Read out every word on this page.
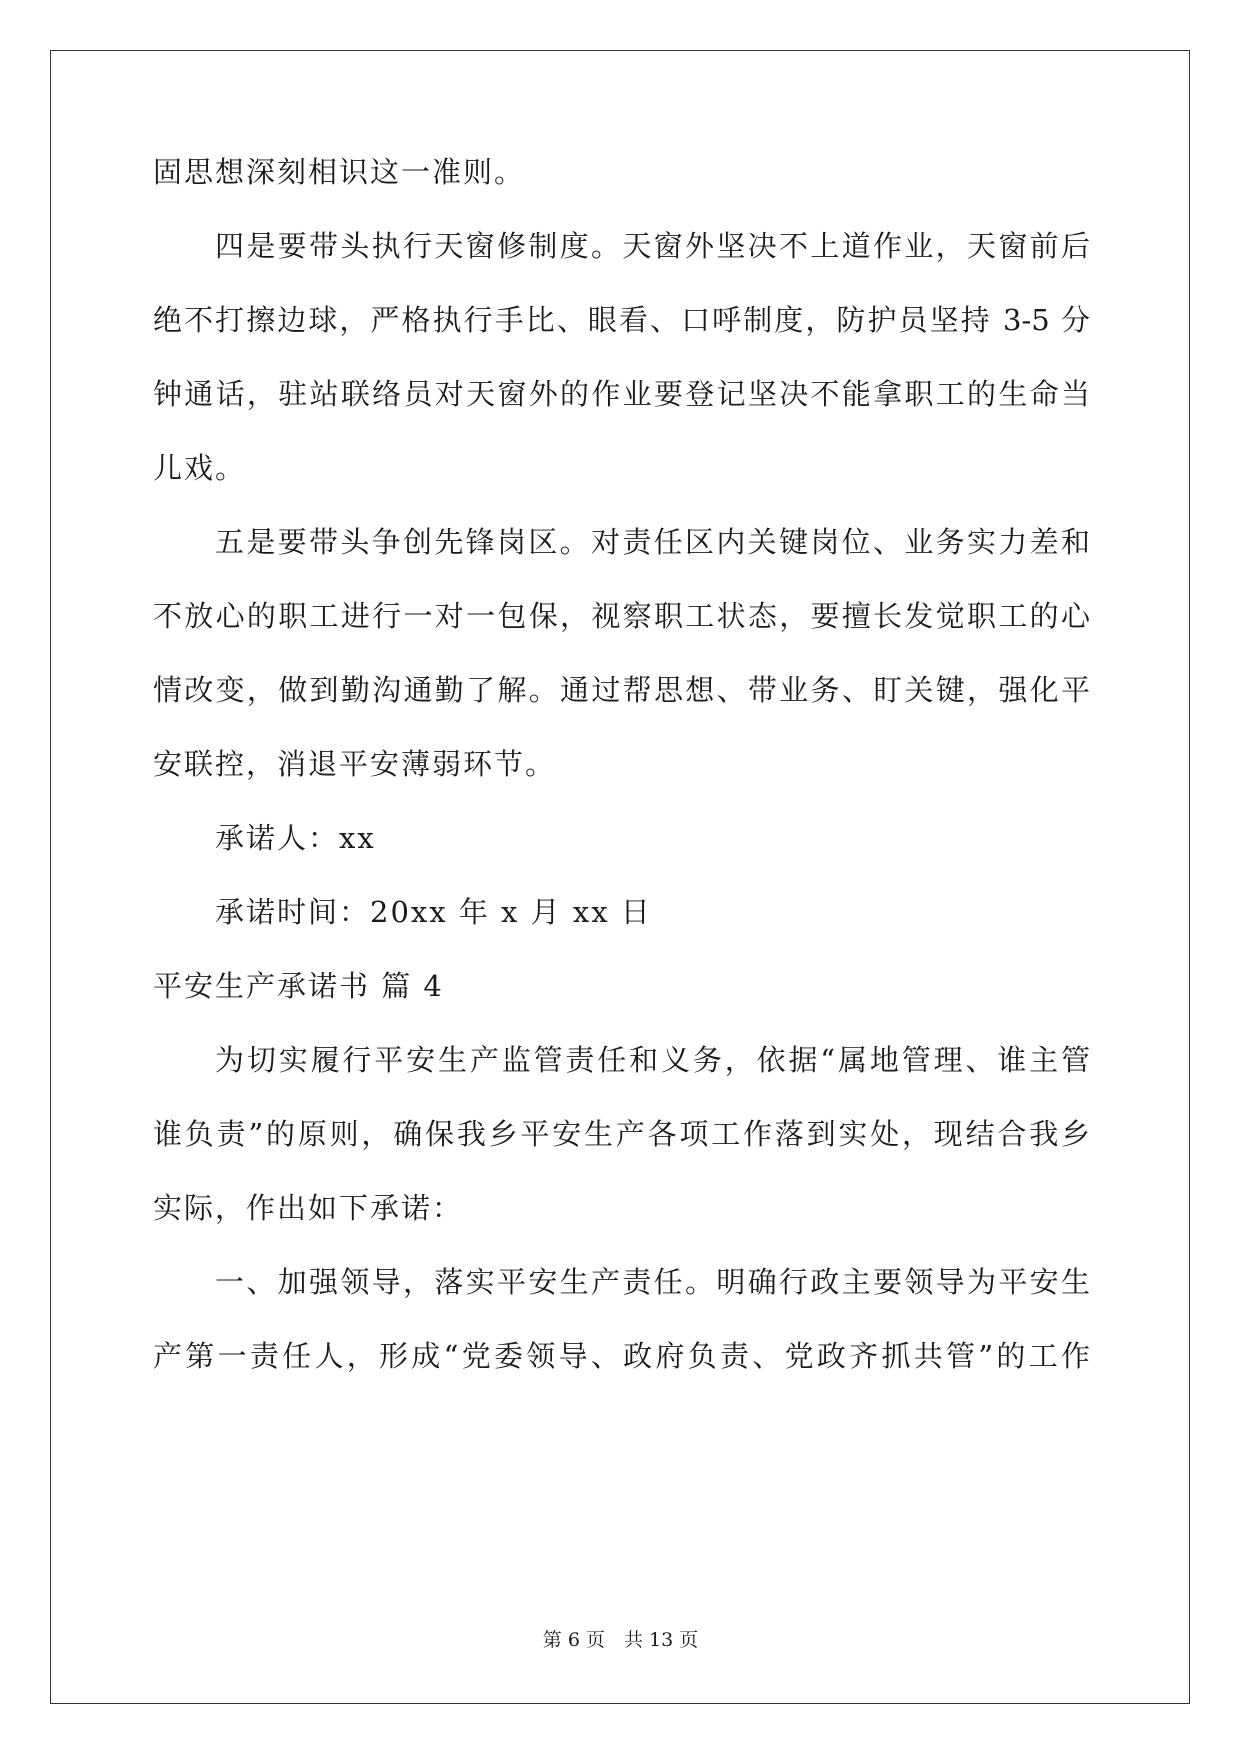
固思想深刻相识这一准则。
四是要带头执行天窗修制度。天窗外坚决不上道作业，天窗前后
绝不打擦边球，严格执行手比、眼看、口呼制度，防护员坚持 3-5 分
钟通话，驻站联络员对天窗外的作业要登记坚决不能拿职工的生命当
儿戏。
五是要带头争创先锋岗区。对责任区内关键岗位、业务实力差和
不放心的职工进行一对一包保，视察职工状态，要擅长发觉职工的心
情改变，做到勤沟通勤了解。通过帮思想、带业务、盯关键，强化平
安联控，消退平安薄弱环节。
承诺人：xx
承诺时间：20xx 年 x 月 xx 日
平安生产承诺书 篇 4
为切实履行平安生产监管责任和义务，依据“属地管理、谁主管
谁负责”的原则，确保我乡平安生产各项工作落到实处，现结合我乡
实际，作出如下承诺：
一、加强领导，落实平安生产责任。明确行政主要领导为平安生
产第一责任人，形成“党委领导、政府负责、党政齐抓共管”的工作
第 6 页　共 13 页
